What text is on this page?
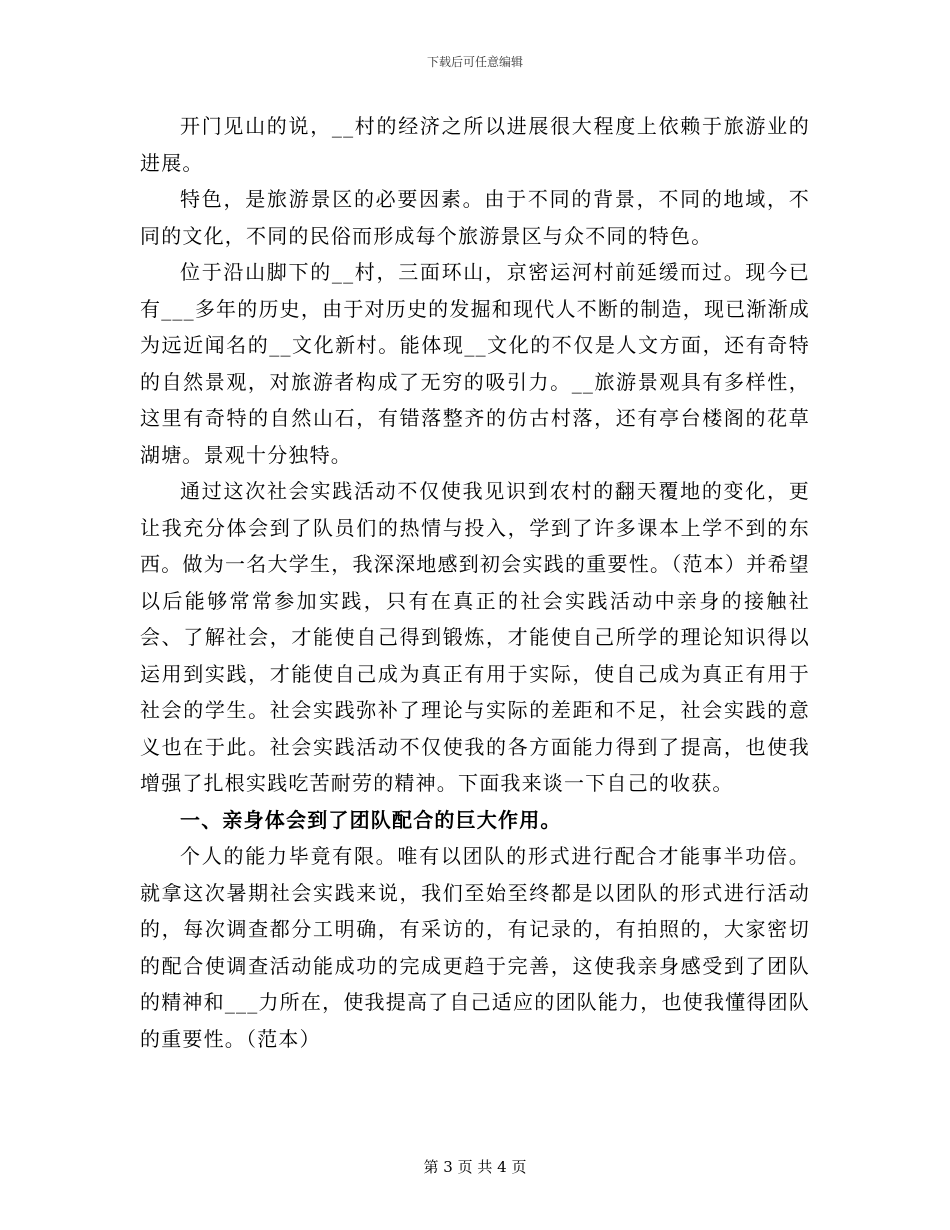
下载后可任意编辑

开门见山的说，__村的经济之所以进展很大程度上依赖于旅游业的进展。

特色，是旅游景区的必要因素。由于不同的背景，不同的地域，不同的文化，不同的民俗而形成每个旅游景区与众不同的特色。

位于沿山脚下的__村，三面环山，京密运河村前延缓而过。现今已有___多年的历史，由于对历史的发掘和现代人不断的制造，现已渐渐成为远近闻名的__文化新村。能体现__文化的不仅是人文方面，还有奇特的自然景观，对旅游者构成了无穷的吸引力。__旅游景观具有多样性，这里有奇特的自然山石，有错落整齐的仿古村落，还有亭台楼阁的花草湖塘。景观十分独特。

通过这次社会实践活动不仅使我见识到农村的翻天覆地的变化，更让我充分体会到了队员们的热情与投入，学到了许多课本上学不到的东西。做为一名大学生，我深深地感到初会实践的重要性。（范本）并希望以后能够常常参加实践，只有在真正的社会实践活动中亲身的接触社会、了解社会，才能使自己得到锻炼，才能使自己所学的理论知识得以运用到实践，才能使自己成为真正有用于实际，使自己成为真正有用于社会的学生。社会实践弥补了理论与实际的差距和不足，社会实践的意义也在于此。社会实践活动不仅使我的各方面能力得到了提高，也使我增强了扎根实践吃苦耐劳的精神。下面我来谈一下自己的收获。

一、亲身体会到了团队配合的巨大作用。

个人的能力毕竟有限。唯有以团队的形式进行配合才能事半功倍。就拿这次暑期社会实践来说，我们至始至终都是以团队的形式进行活动的，每次调查都分工明确，有采访的，有记录的，有拍照的，大家密切的配合使调查活动能成功的完成更趋于完善，这使我亲身感受到了团队的精神和___力所在，使我提高了自己适应的团队能力，也使我懂得团队的重要性。（范本）

第 3 页 共 4 页
